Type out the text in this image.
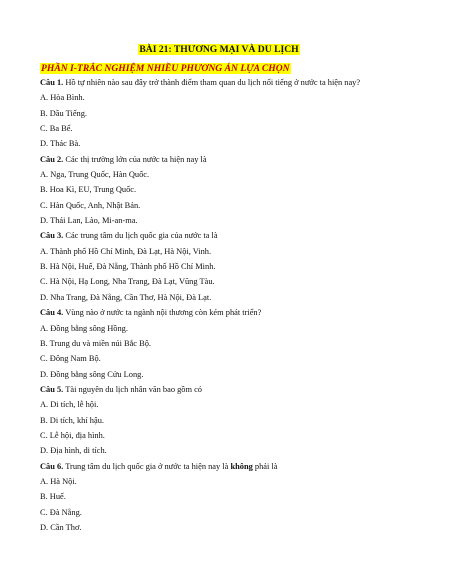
BÀI 21: THƯƠNG MẠI VÀ DU LỊCH
PHẦN I-TRẮC NGHIỆM NHIỀU PHƯƠNG ÁN LỰA CHỌN
Câu 1. Hồ tự nhiên nào sau đây trở thành điểm tham quan du lịch nổi tiếng ở nước ta hiện nay?
A. Hòa Bình.
B. Dầu Tiếng.
C. Ba Bể.
D. Thác Bà.
Câu 2. Các thị trường lớn của nước ta hiện nay là
A. Nga, Trung Quốc, Hàn Quốc.
B. Hoa Kì, EU, Trung Quốc.
C. Hàn Quốc, Anh, Nhật Bản.
D. Thái Lan, Lào, Mi-an-ma.
Câu 3. Các trung tâm du lịch quốc gia của nước ta là
A. Thành phố Hồ Chí Minh, Đà Lạt, Hà Nội, Vinh.
B. Hà Nội, Huế, Đà Nẵng, Thành phố Hồ Chí Minh.
C. Hà Nội, Hạ Long, Nha Trang, Đà Lạt, Vũng Tàu.
D. Nha Trang, Đà Nẵng, Cần Thơ, Hà Nội, Đà Lạt.
Câu 4. Vùng nào ở nước ta ngành nội thương còn kém phát triển?
A. Đồng bằng sông Hồng.
B. Trung du và miền núi Bắc Bộ.
C. Đông Nam Bộ.
D. Đồng bằng sông Cửu Long.
Câu 5. Tài nguyên du lịch nhân văn bao gồm có
A. Di tích, lễ hội.
B. Di tích, khí hậu.
C. Lễ hội, địa hình.
D. Địa hình, di tích.
Câu 6. Trung tâm du lịch quốc gia ở nước ta hiện nay là không phải là
A. Hà Nội.
B. Huế.
C. Đà Nẵng.
D. Cần Thơ.
